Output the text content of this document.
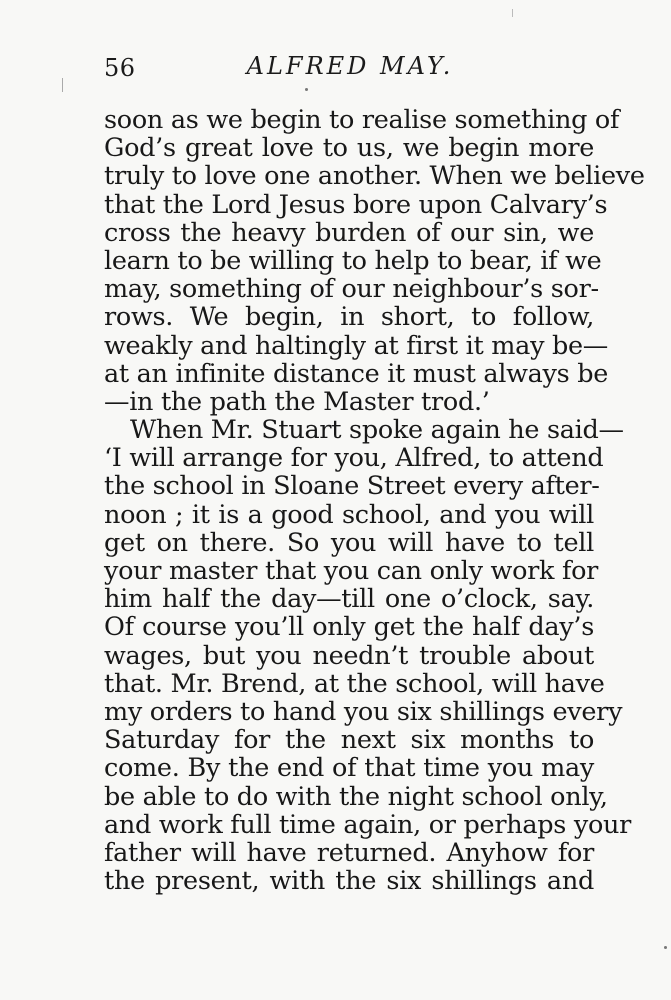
56	ALFRED MAY.
soon as we begin to realise something of
God’s great love to us, we begin more
truly to love one another. When we believe
that the Lord Jesus bore upon Calvary’s
cross the heavy burden of our sin, we
learn to be willing to help to bear, if we
may, something of our neighbour’s sor-
rows. We begin, in short, to follow,
weakly and haltingly at first it may be—
at an infinite distance it must always be
—in the path the Master trod.’
When Mr. Stuart spoke again he said—
‘I will arrange for you, Alfred, to attend
the school in Sloane Street every after-
noon ; it is a good school, and you will
get on there. So you will have to tell
your master that you can only work for
him half the day—till one o’clock, say.
Of course you’ll only get the half day’s
wages, but you needn’t trouble about
that. Mr. Brend, at the school, will have
my orders to hand you six shillings every
Saturday for the next six months to
come. By the end of that time you may
be able to do with the night school only,
and work full time again, or perhaps your
father will have returned. Anyhow for
the present, with the six shillings and
